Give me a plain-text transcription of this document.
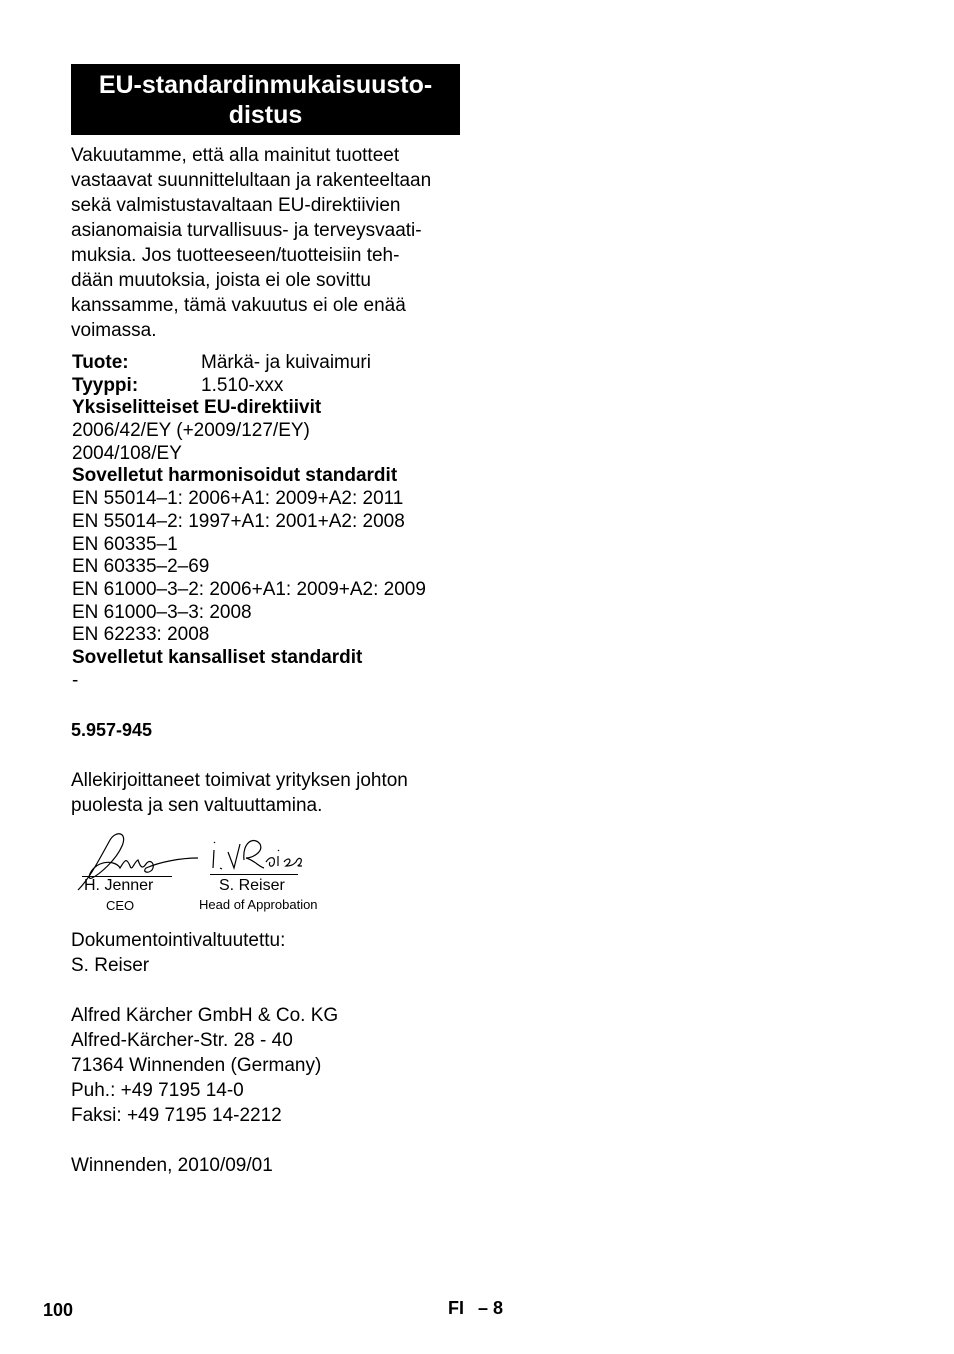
EU-standardinmukaisuusto-
distus
Vakuutamme, että alla mainitut tuotteet
vastaavat suunnittelultaan ja rakenteeltaan
sekä valmistustavaltaan EU-direktiivien
asianomaisia turvallisuus- ja terveysvaati-
muksia. Jos tuotteeseen/tuotteisiin teh-
dään muutoksia, joista ei ole sovittu
kanssamme, tämä vakuutus ei ole enää
voimassa.
Tuote:	Märkä- ja kuivaimuri
Tyyppi:	1.510-xxx
Yksiselitteiset EU-direktiivit
2006/42/EY (+2009/127/EY)
2004/108/EY
Sovelletut harmonisoidut standardit
EN 55014–1: 2006+A1: 2009+A2: 2011
EN 55014–2: 1997+A1: 2001+A2: 2008
EN 60335–1
EN 60335–2–69
EN 61000–3–2: 2006+A1: 2009+A2: 2009
EN 61000–3–3: 2008
EN 62233: 2008
Sovelletut kansalliset standardit
-
5.957-945
Allekirjoittaneet toimivat yrityksen johton
puolesta ja sen valtuuttamina.
H. Jenner
CEO
S. Reiser
Head of Approbation
Dokumentointivaltuutettu:
S. Reiser
Alfred Kärcher GmbH & Co. KG
Alfred-Kärcher-Str. 28 - 40
71364 Winnenden (Germany)
Puh.: +49 7195 14-0
Faksi: +49 7195 14-2212
Winnenden, 2010/09/01
100	FI – 8
